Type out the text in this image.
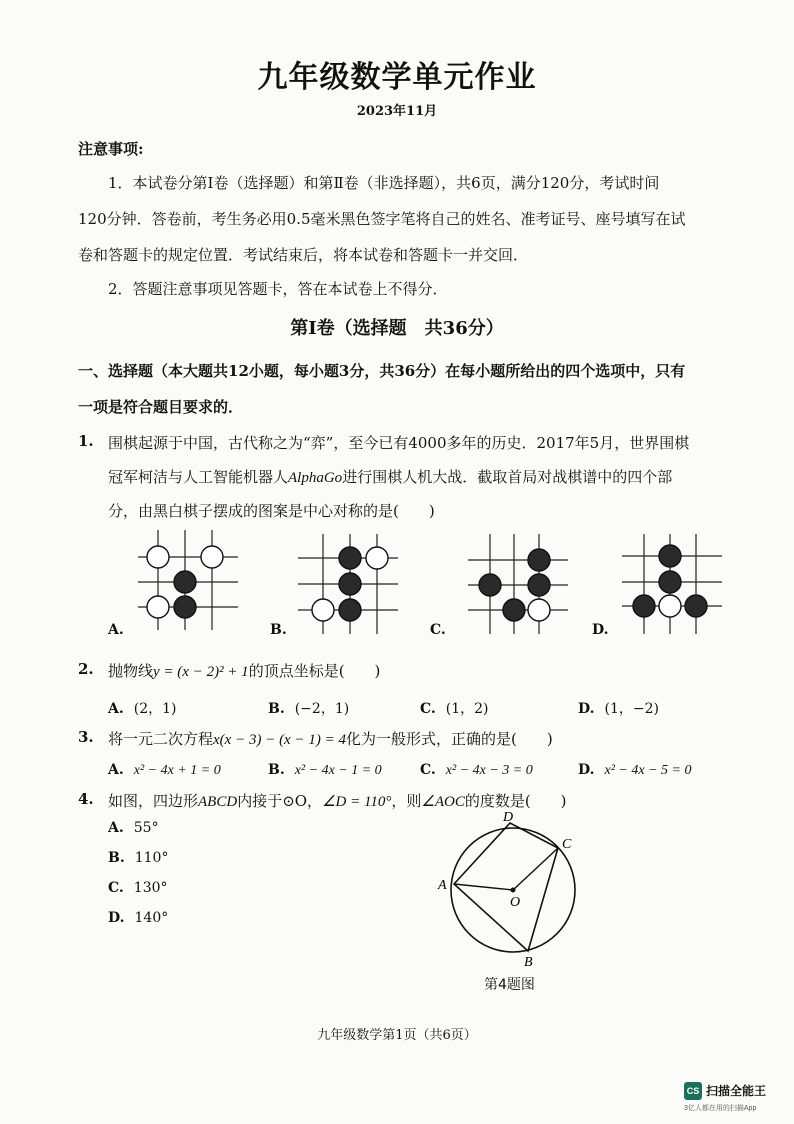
九年级数学单元作业
2023年11月
注意事项:
1．本试卷分第Ⅰ卷（选择题）和第Ⅱ卷（非选择题），共6页，满分120分，考试时间
120分钟．答卷前，考生务必用0.5毫米黑色签字笔将自己的姓名、准考证号、座号填写在试
卷和答题卡的规定位置．考试结束后，将本试卷和答题卡一并交回．
2．答题注意事项见答题卡，答在本试卷上不得分．
第Ⅰ卷（选择题　共36分）
一、选择题（本大题共12小题，每小题3分，共36分）在每小题所给出的四个选项中，只有
一项是符合题目要求的．
1. 围棋起源于中国，古代称之为“弈”，至今已有4000多年的历史．2017年5月，世界围棋
冠军柯洁与人工智能机器人AlphaGo进行围棋人机大战．截取首局对战棋谱中的四个部
分，由黑白棋子摆成的图案是中心对称的是(　　)
A.	B.	C.	D.
2. 抛物线y = (x − 2)² + 1的顶点坐标是(　　)
A. (2，1)	B. (−2，1)	C. (1，2)	D. (1，−2)
3. 将一元二次方程x(x − 3) − (x − 1) = 4化为一般形式，正确的是(　　)
A. x² − 4x + 1 = 0	B. x² − 4x − 1 = 0	C. x² − 4x − 3 = 0	D. x² − 4x − 5 = 0
4. 如图，四边形ABCD内接于⊙O，∠D = 110°，则∠AOC的度数是(　　)
A. 55°
B. 110°
C. 130°
D. 140°
A
D
C
B
O
第4题图
九年级数学第1页（共6页）
CS 扫描全能王
3亿人都在用的扫描App
